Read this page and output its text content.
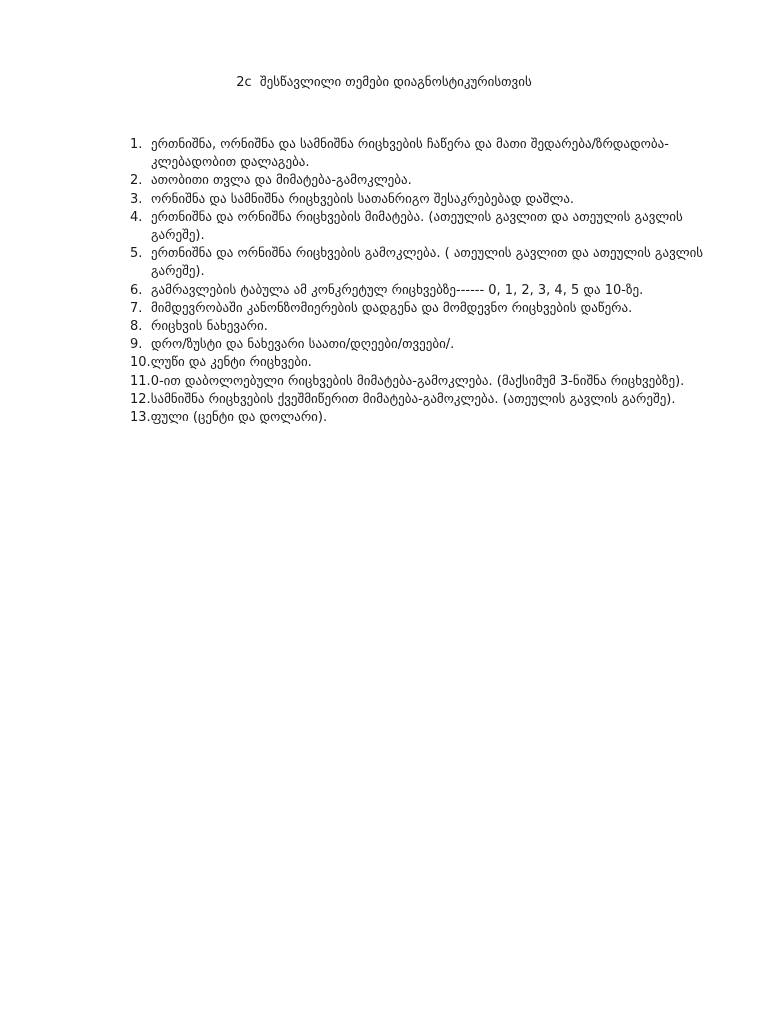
2c  შესწავლილი თემები დიაგნოსტიკურისთვის
1. ერთნიშნა, ორნიშნა და სამნიშნა რიცხვების ჩაწერა და მათი შედარება/ზრდადობა-კლებადობით დალაგება.
2. ათობითი თვლა და მიმატება-გამოკლება.
3. ორნიშნა და სამნიშნა რიცხვების სათანრიგო შესაკრებებად დაშლა.
4. ერთნიშნა და ორნიშნა რიცხვების მიმატება. (ათეულის გავლით და ათეულის გავლის გარეშე).
5. ერთნიშნა და ორნიშნა რიცხვების გამოკლება. ( ათეულის გავლით და ათეულის გავლის გარეშე).
6. გამრავლების ტაბულა ამ კონკრეტულ რიცხვებზე------ 0, 1, 2, 3, 4, 5 და 10-ზე.
7. მიმდევრობაში კანონზომიერების დადგენა და მომდევნო რიცხვების დაწერა.
8. რიცხვის ნახევარი.
9. დრო/ზუსტი და ნახევარი საათი/დღეები/თვეები/.
10. ლუწი და კენტი რიცხვები.
11. 0-ით დაბოლოებული რიცხვების მიმატება-გამოკლება. (მაქსიმუმ 3-ნიშნა რიცხვებზე).
12. სამნიშნა რიცხვების ქვეშმიწერით მიმატება-გამოკლება. (ათეულის გავლის გარეშე).
13. ფული (ცენტი და დოლარი).
